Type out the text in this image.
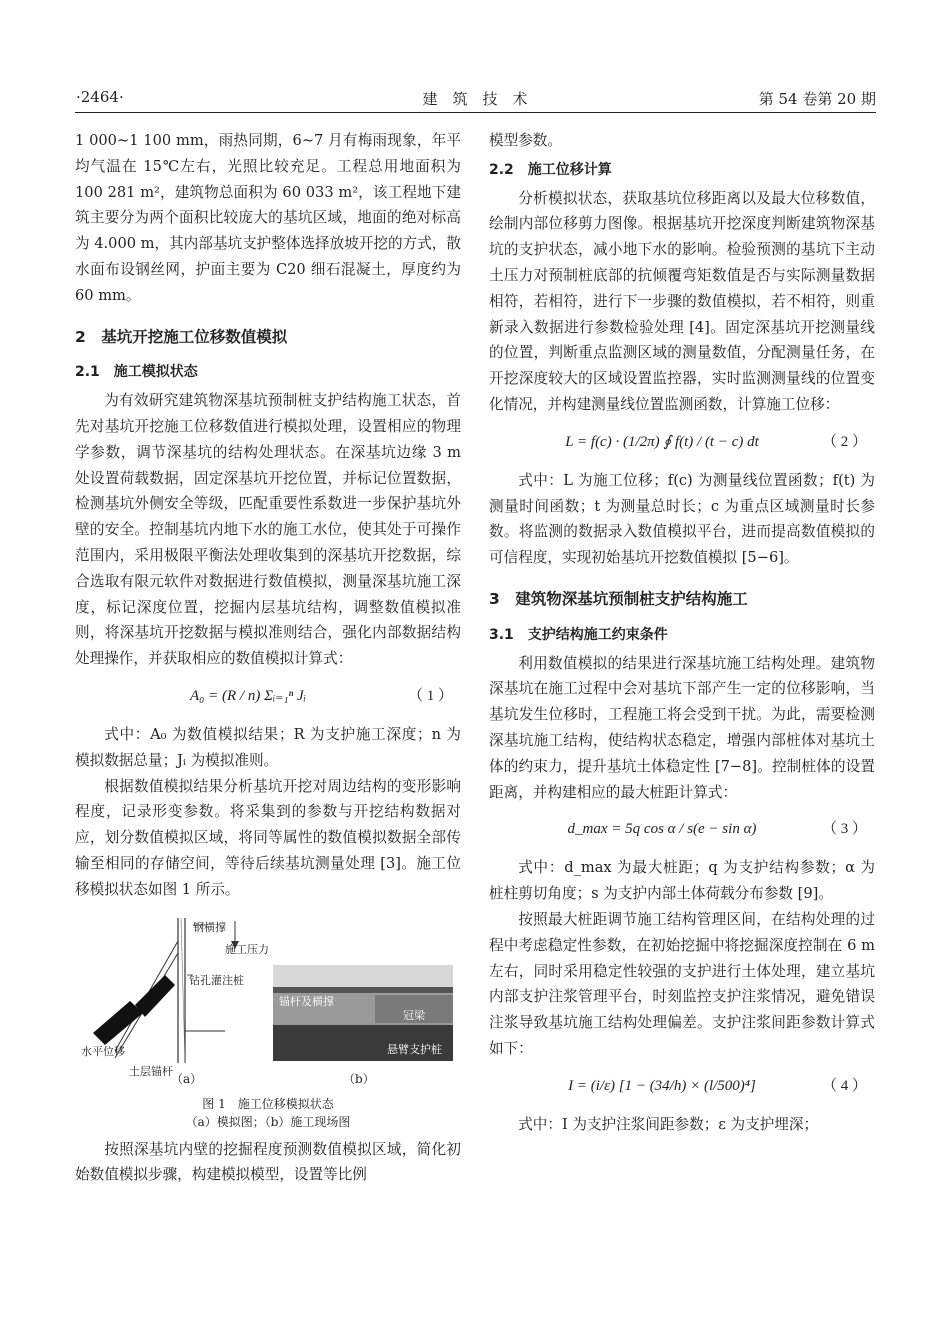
·2464·	建　筑　技　术	第 54 卷第 20 期

1 000~1 100 mm，雨热同期，6~7 月有梅雨现象，年平均气温在 15℃左右，光照比较充足。工程总用地面积为 100 281 m²，建筑物总面积为 60 033 m²，该工程地下建筑主要分为两个面积比较庞大的基坑区域，地面的绝对标高为 4.000 m，其内部基坑支护整体选择放坡开挖的方式，散水面布设钢丝网，护面主要为 C20 细石混凝土，厚度约为 60 mm。

2　基坑开挖施工位移数值模拟
2.1　施工模拟状态

为有效研究建筑物深基坑预制桩支护结构施工状态，首先对基坑开挖施工位移数值进行模拟处理，设置相应的物理学参数，调节深基坑的结构处理状态。在深基坑边缘 3 m 处设置荷载数据，固定深基坑开挖位置，并标记位置数据，检测基坑外侧安全等级，匹配重要性系数进一步保护基坑外壁的安全。控制基坑内地下水的施工水位，使其处于可操作范围内，采用极限平衡法处理收集到的深基坑开挖数据，综合选取有限元软件对数据进行数值模拟，测量深基坑施工深度，标记深度位置，挖掘内层基坑结构，调整数值模拟准则，将深基坑开挖数据与模拟准则结合，强化内部数据结构处理操作，并获取相应的数值模拟计算式：

A₀ = (R / n) Σᵢ₌₁ⁿ Jᵢ	（ 1 ）

式中：A₀ 为数值模拟结果；R 为支护施工深度；n 为模拟数据总量；Jᵢ 为模拟准则。

根据数值模拟结果分析基坑开挖对周边结构的变形影响程度，记录形变参数。将采集到的参数与开挖结构数据对应，划分数值模拟区域，将同等属性的数值模拟数据全部传输至相同的存储空间，等待后续基坑测量处理 [3]。施工位移模拟状态如图 1 所示。

钢横撑
施工压力
钻孔灌注桩
水平位移
土层锚杆
锚杆及横撑
冠梁
悬臂支护桩
（a）	（b）
图 1　施工位移模拟状态
（a）模拟图；（b）施工现场图

按照深基坑内壁的挖掘程度预测数值模拟区域，简化初始数值模拟步骤，构建模拟模型，设置等比例

模型参数。

2.2　施工位移计算

分析模拟状态，获取基坑位移距离以及最大位移数值，绘制内部位移剪力图像。根据基坑开挖深度判断建筑物深基坑的支护状态，减小地下水的影响。检验预测的基坑下主动土压力对预制桩底部的抗倾覆弯矩数值是否与实际测量数据相符，若相符，进行下一步骤的数值模拟，若不相符，则重新录入数据进行参数检验处理 [4]。固定深基坑开挖测量线的位置，判断重点监测区域的测量数值，分配测量任务，在开挖深度较大的区域设置监控器，实时监测测量线的位置变化情况，并构建测量线位置监测函数，计算施工位移：

L = f(c) · (1/2π) ∮ f(t) / (t − c) dt	（ 2 ）

式中：L 为施工位移；f(c) 为测量线位置函数；f(t) 为测量时间函数；t 为测量总时长；c 为重点区域测量时长参数。将监测的数据录入数值模拟平台，进而提高数值模拟的可信程度，实现初始基坑开挖数值模拟 [5−6]。

3　建筑物深基坑预制桩支护结构施工
3.1　支护结构施工约束条件

利用数值模拟的结果进行深基坑施工结构处理。建筑物深基坑在施工过程中会对基坑下部产生一定的位移影响，当基坑发生位移时，工程施工将会受到干扰。为此，需要检测深基坑施工结构，使结构状态稳定，增强内部桩体对基坑土体的约束力，提升基坑土体稳定性 [7−8]。控制桩体的设置距离，并构建相应的最大桩距计算式：

d_max = 5q cos α / s(e − sin α)	（ 3 ）

式中：d_max 为最大桩距；q 为支护结构参数；α 为桩柱剪切角度；s 为支护内部土体荷载分布参数 [9]。

按照最大桩距调节施工结构管理区间，在结构处理的过程中考虑稳定性参数，在初始挖掘中将挖掘深度控制在 6 m 左右，同时采用稳定性较强的支护进行土体处理，建立基坑内部支护注浆管理平台，时刻监控支护注浆情况，避免错误注浆导致基坑施工结构处理偏差。支护注浆间距参数计算式如下：

I = (i/ε) [1 − (34/h) × (l/500)⁴]	（ 4 ）

式中：I 为支护注浆间距参数；ε 为支护埋深；
